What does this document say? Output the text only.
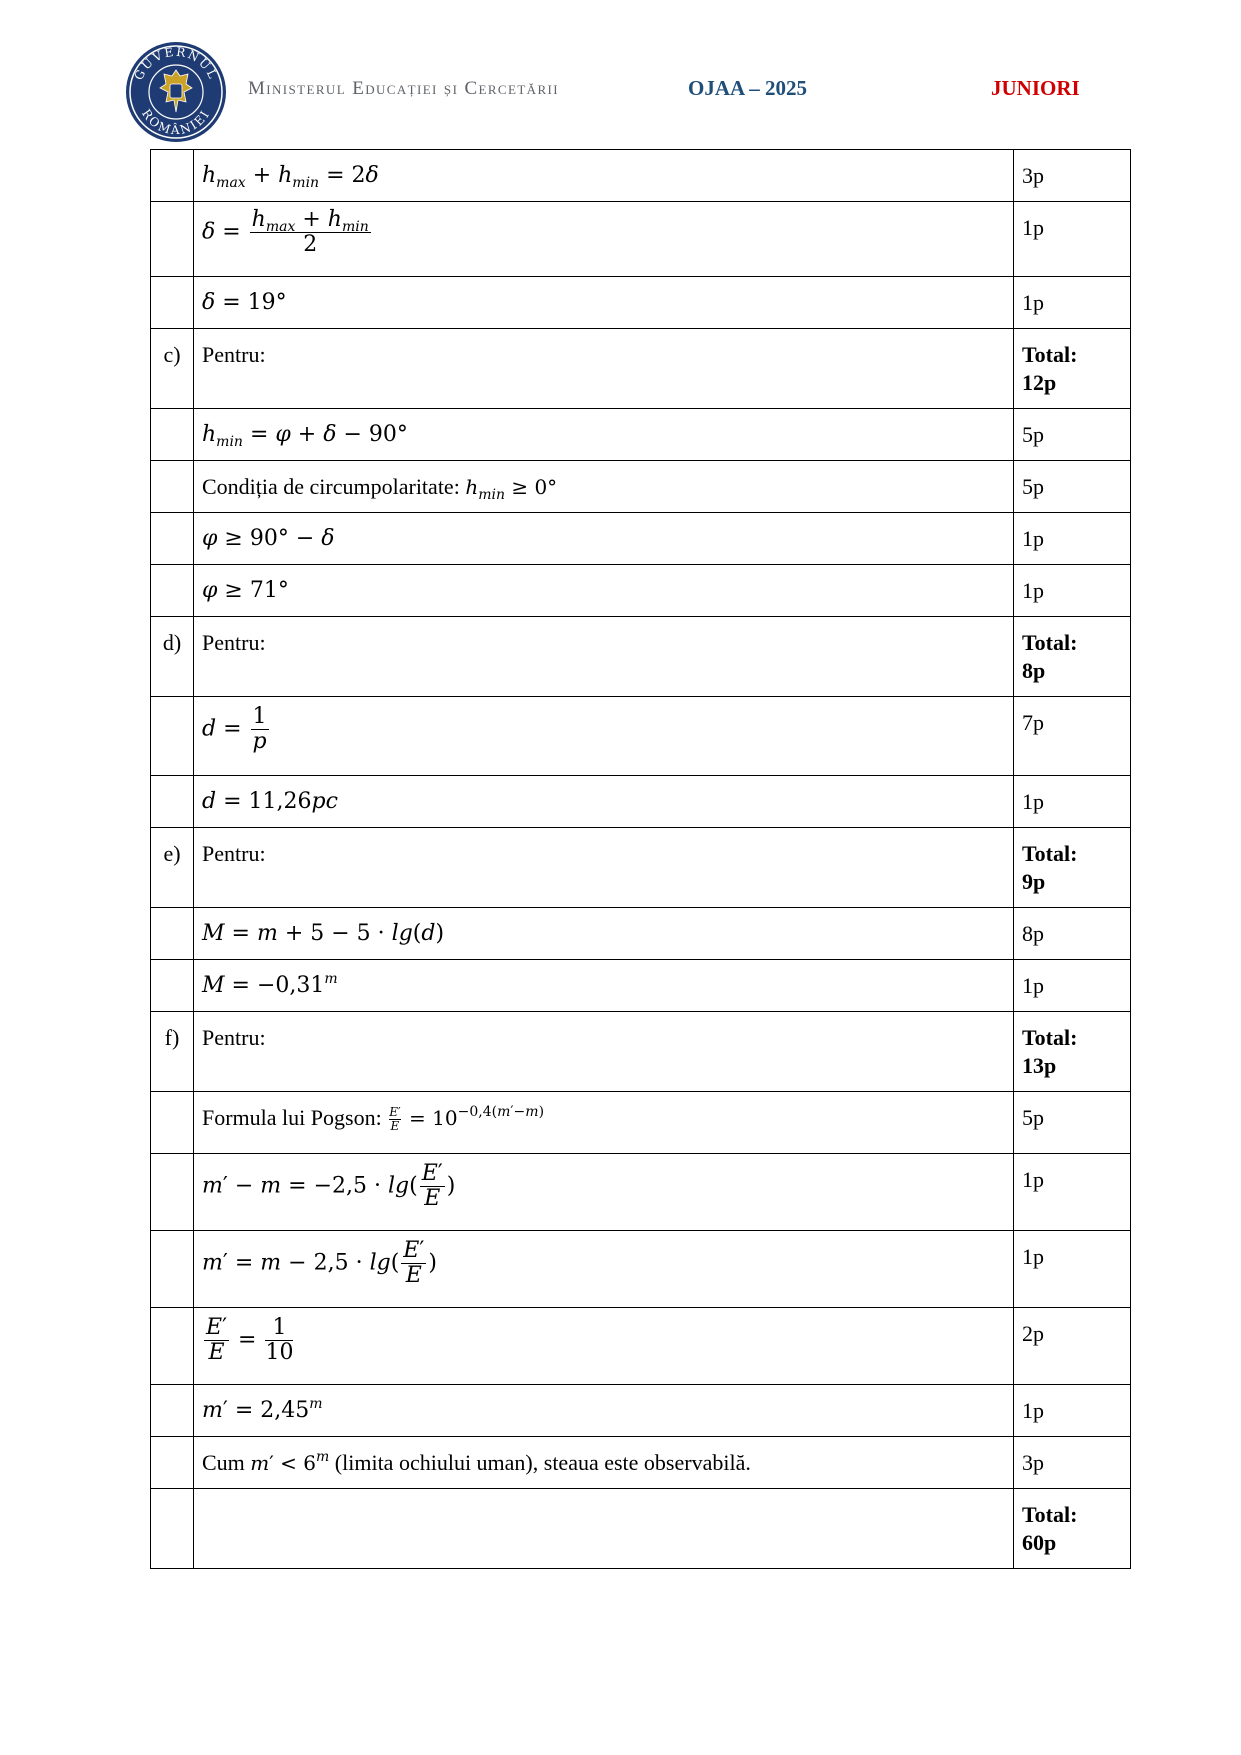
GUVERNUL
ROMÂNIEI
Ministerul Educației și Cercetării	OJAA – 2025	JUNIORI
	$h_{max} + h_{min} = 2\delta$	3p
	$\delta = \frac{h_{max} + h_{min}}{2}$	1p
	δ = 19°	1p
c)	Pentru:	Total:
12p
	$h_{min} = \varphi + \delta - 90^\circ$	5p
	Condiția de circumpolaritate: $h_{min} \ge 0^\circ$	5p
	φ ≥ 90° − δ	1p
	φ ≥ 71°	1p
d)	Pentru:	Total:
8p
	$d = \frac{1}{p}$	7p
	d = 11,26pc	1p
e)	Pentru:	Total:
9p
	M = m + 5 − 5 · lg(d)	8p
	$M = -0,31^m$	1p
f)	Pentru:	Total:
13p
	Formula lui Pogson: $\frac{E'}{E} = 10^{-0,4(m'-m)}$	5p
	$m' - m = -2,5 \cdot \lg( \frac{E'}{E}$ )	1p
	$m' = m - 2,5 \cdot \lg( \frac{E'}{E}$ )	1p

	$\frac{E'}{E} = \frac{1}{10}$	2p
	$m' = 2,45^m$	1p
	Cum $m' < 6^m$ (limita ochiului uman), steaua este observabilă.	3p
		Total:
60p
